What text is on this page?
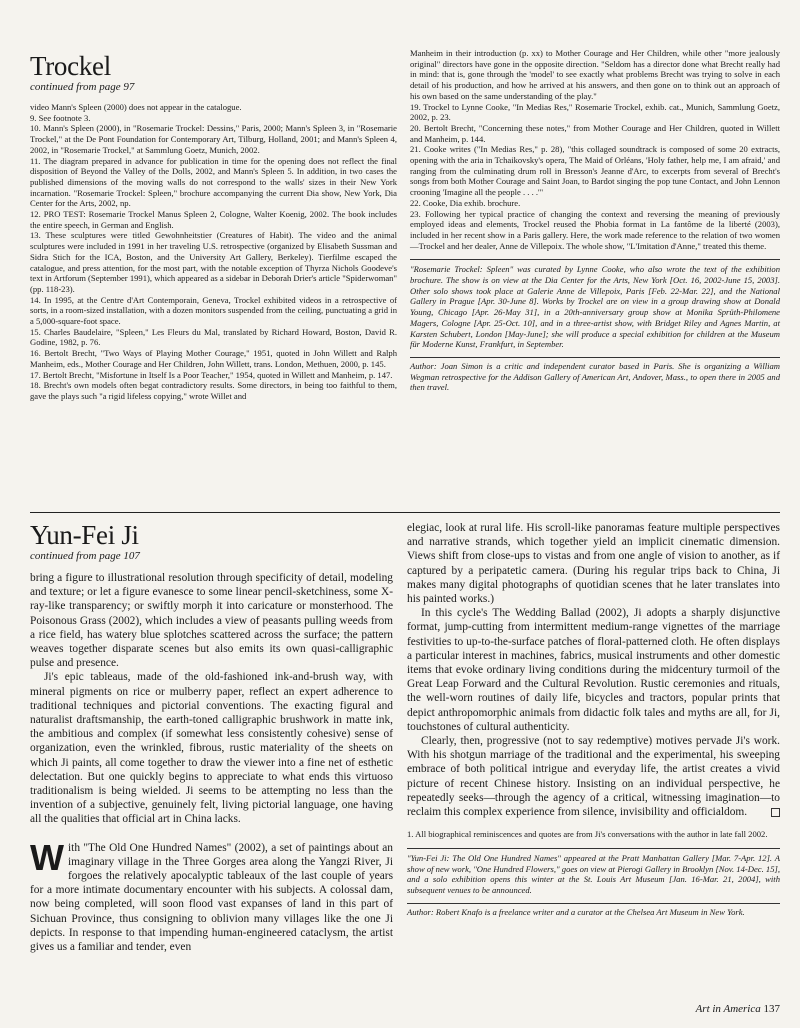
Trockel
continued from page 97

video Mann's Spleen (2000) does not appear in the catalogue.

9. See footnote 3.

10. Mann's Spleen (2000), in "Rosemarie Trockel: Dessins," Paris, 2000; Mann's Spleen 3, in "Rosemarie Trockel," at the De Pont Foundation for Contemporary Art, Tilburg, Holland, 2001; and Mann's Spleen 4, 2002, in "Rosemarie Trockel," at Sammlung Goetz, Munich, 2002.

11. The diagram prepared in advance for publication in time for the opening does not reflect the final disposition of Beyond the Valley of the Dolls, 2002, and Mann's Spleen 5. In addition, in two cases the published dimensions of the moving walls do not correspond to the walls' sizes in their New York incarnation. "Rosemarie Trockel: Spleen," brochure accompanying the current Dia show, New York, Dia Center for the Arts, 2002, np.

12. PRO TEST: Rosemarie Trockel Manus Spleen 2, Cologne, Walter Koenig, 2002. The book includes the entire speech, in German and English.

13. These sculptures were titled Gewohnheitstier (Creatures of Habit). The video and the animal sculptures were included in 1991 in her traveling U.S. retrospective (organized by Elisabeth Sussman and Sidra Stich for the ICA, Boston, and the University Art Gallery, Berkeley). Tierfilme escaped the catalogue, and press attention, for the most part, with the notable exception of Thyrza Nichols Goodeve's text in Artforum (September 1991), which appeared as a sidebar in Deborah Drier's article "Spiderwoman" (pp. 118-23).

14. In 1995, at the Centre d'Art Contemporain, Geneva, Trockel exhibited videos in a retrospective of sorts, in a room-sized installation, with a dozen monitors suspended from the ceiling, punctuating a grid in a 5,000-square-foot space.

15. Charles Baudelaire, "Spleen," Les Fleurs du Mal, translated by Richard Howard, Boston, David R. Godine, 1982, p. 76.

16. Bertolt Brecht, "Two Ways of Playing Mother Courage," 1951, quoted in John Willett and Ralph Manheim, eds., Mother Courage and Her Children, John Willett, trans. London, Methuen, 2000, p. 145.

17. Bertolt Brecht, "Misfortune in Itself Is a Poor Teacher," 1954, quoted in Willett and Manheim, p. 147.

18. Brecht's own models often begat contradictory results. Some directors, in being too faithful to them, gave the plays such "a rigid lifeless copying," wrote Willet and

Manheim in their introduction (p. xx) to Mother Courage and Her Children, while other "more jealously original" directors have gone in the opposite direction. "Seldom has a director done what Brecht really had in mind: that is, gone through the 'model' to see exactly what problems Brecht was trying to solve in each detail of his production, and how he arrived at his answers, and then gone on to think out an approach of his own based on the same understanding of the play."

19. Trockel to Lynne Cooke, "In Medias Res," Rosemarie Trockel, exhib. cat., Munich, Sammlung Goetz, 2002, p. 23.

20. Bertolt Brecht, "Concerning these notes," from Mother Courage and Her Children, quoted in Willett and Manheim, p. 144.

21. Cooke writes ("In Medias Res," p. 28), "this collaged soundtrack is composed of some 20 extracts, opening with the aria in Tchaikovsky's opera, The Maid of Orléans, 'Holy father, help me, I am afraid,' and ranging from the culminating drum roll in Bresson's Jeanne d'Arc, to excerpts from several of Brecht's songs from both Mother Courage and Saint Joan, to Bardot singing the pop tune Contact, and John Lennon crooning 'Imagine all the people . . . .'"

22. Cooke, Dia exhib. brochure.

23. Following her typical practice of changing the context and reversing the meaning of previously employed ideas and elements, Trockel reused the Phobia format in La fantôme de la liberté (2003), included in her recent show in a Paris gallery. Here, the work made reference to the relation of two women—Trockel and her dealer, Anne de Villepoix. The whole show, "L'Imitation d'Anne," treated this theme.

"Rosemarie Trockel: Spleen" was curated by Lynne Cooke, who also wrote the text of the exhibition brochure. The show is on view at the Dia Center for the Arts, New York [Oct. 16, 2002-June 15, 2003]. Other solo shows took place at Galerie Anne de Villepoix, Paris [Feb. 22-Mar. 22], and the National Gallery in Prague [Apr. 30-June 8]. Works by Trockel are on view in a group drawing show at Donald Young, Chicago [Apr. 26-May 31], in a 20th-anniversary group show at Monika Sprüth-Philomene Magers, Cologne [Apr. 25-Oct. 10], and in a three-artist show, with Bridget Riley and Agnes Martin, at Karsten Schubert, London [May-June]; she will produce a special exhibition for children at the Museum für Moderne Kunst, Frankfurt, in September.
Author: Joan Simon is a critic and independent curator based in Paris. She is organizing a William Wegman retrospective for the Addison Gallery of American Art, Andover, Mass., to open there in 2005 and then travel.
Yun-Fei Ji
continued from page 107

bring a figure to illustrational resolution through specificity of detail, modeling and texture; or let a figure evanesce to some linear pencil-sketchiness, some X-ray-like transparency; or swiftly morph it into caricature or monsterhood. The Poisonous Grass (2002), which includes a view of peasants pulling weeds from a rice field, has watery blue splotches scattered across the surface; the pattern weaves together disparate scenes but also emits its own quasi-calligraphic pulse and presence.

Ji's epic tableaus, made of the old-fashioned ink-and-brush way, with mineral pigments on rice or mulberry paper, reflect an expert adherence to traditional techniques and pictorial conventions. The exacting figural and naturalist draftsmanship, the earth-toned calligraphic brushwork in matte ink, the ambitious and complex (if somewhat less consistently cohesive) sense of organization, even the wrinkled, fibrous, rustic materiality of the sheets on which Ji paints, all come together to draw the viewer into a fine net of esthetic delectation. But one quickly begins to appreciate to what ends this virtuoso traditionalism is being wielded. Ji seems to be attempting no less than the invention of a subjective, genuinely felt, living pictorial language, one having all the qualities that official art in China lacks.

With "The Old One Hundred Names" (2002), a set of paintings about an imaginary village in the Three Gorges area along the Yangzi River, Ji forgoes the relatively apocalyptic tableaux of the last couple of years for a more intimate documentary encounter with his subjects. A colossal dam, now being completed, will soon flood vast expanses of land in this part of Sichuan Province, thus consigning to oblivion many villages like the one Ji depicts. In response to that impending human-engineered cataclysm, the artist gives us a familiar and tender, even

elegiac, look at rural life. His scroll-like panoramas feature multiple perspectives and narrative strands, which together yield an implicit cinematic dimension. Views shift from close-ups to vistas and from one angle of vision to another, as if captured by a peripatetic camera. (During his regular trips back to China, Ji makes many digital photographs of quotidian scenes that he later translates into his painted works.)

In this cycle's The Wedding Ballad (2002), Ji adopts a sharply disjunctive format, jump-cutting from intermittent medium-range vignettes of the marriage festivities to up-to-the-surface patches of floral-patterned cloth. He often displays a particular interest in machines, fabrics, musical instruments and other domestic items that evoke ordinary living conditions during the midcentury turmoil of the Great Leap Forward and the Cultural Revolution. Rustic ceremonies and rituals, the well-worn routines of daily life, bicycles and tractors, popular prints that depict anthropomorphic animals from didactic folk tales and myths are all, for Ji, touchstones of cultural authenticity.

Clearly, then, progressive (not to say redemptive) motives pervade Ji's work. With his shotgun marriage of the traditional and the experimental, his sweeping embrace of both political intrigue and everyday life, the artist creates a vivid picture of recent Chinese history. Insisting on an individual perspective, he repeatedly seeks—through the agency of a critical, witnessing imagination—to reclaim this complex experience from silence, invisibility and officialdom.

1. All biographical reminiscences and quotes are from Ji's conversations with the author in late fall 2002.
"Yun-Fei Ji: The Old One Hundred Names" appeared at the Pratt Manhattan Gallery [Mar. 7-Apr. 12]. A show of new work, "One Hundred Flowers," goes on view at Pierogi Gallery in Brooklyn [Nov. 14-Dec. 15], and a solo exhibition opens this winter at the St. Louis Art Museum [Jan. 16-Mar. 21, 2004], with subsequent venues to be announced.
Author: Robert Knafo is a freelance writer and a curator at the Chelsea Art Museum in New York.
Art in America 137
